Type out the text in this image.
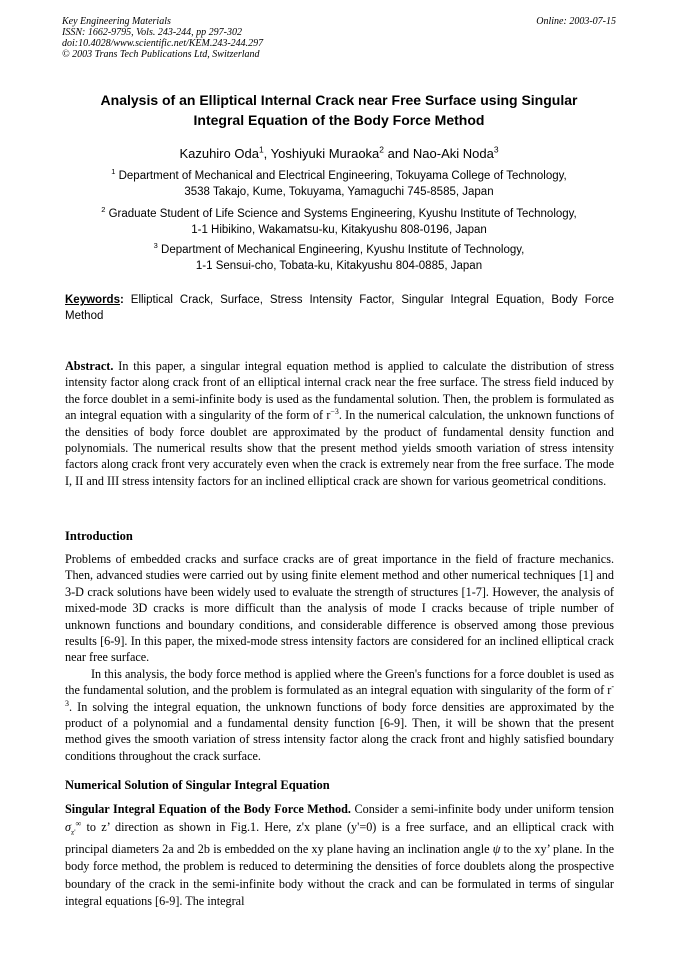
Key Engineering Materials
ISSN: 1662-9795, Vols. 243-244, pp 297-302
doi:10.4028/www.scientific.net/KEM.243-244.297
© 2003 Trans Tech Publications Ltd, Switzerland
Online: 2003-07-15
Analysis of an Elliptical Internal Crack near Free Surface using Singular
Integral Equation of the Body Force Method
Kazuhiro Oda$^1$, Yoshiyuki Muraoka$^2$ and Nao-Aki Noda$^3$
$^1$ Department of Mechanical and Electrical Engineering, Tokuyama College of Technology,
3538 Takajo, Kume, Tokuyama, Yamaguchi 745-8585, Japan
$^2$ Graduate Student of Life Science and Systems Engineering, Kyushu Institute of Technology,
1-1 Hibikino, Wakamatsu-ku, Kitakyushu 808-0196, Japan
$^3$ Department of Mechanical Engineering, Kyushu Institute of Technology,
1-1 Sensui-cho, Tobata-ku, Kitakyushu 804-0885, Japan
Keywords: Elliptical Crack, Surface, Stress Intensity Factor, Singular Integral Equation, Body Force Method

Abstract. In this paper, a singular integral equation method is applied to calculate the distribution of stress intensity factor along crack front of an elliptical internal crack near the free surface. The stress field induced by the force doublet in a semi-infinite body is used as the fundamental solution. Then, the problem is formulated as an integral equation with a singularity of the form of $r^{-3}$. In the numerical calculation, the unknown functions of the densities of body force doublet are approximated by the product of fundamental density function and polynomials. The numerical results show that the present method yields smooth variation of stress intensity factors along crack front very accurately even when the crack is extremely near from the free surface. The mode I, II and III stress intensity factors for an inclined elliptical crack are shown for various geometrical conditions.

Introduction

Problems of embedded cracks and surface cracks are of great importance in the field of fracture mechanics. Then, advanced studies were carried out by using finite element method and other numerical techniques [1] and 3-D crack solutions have been widely used to evaluate the strength of structures [1-7]. However, the analysis of mixed-mode 3D cracks is more difficult than the analysis of mode I cracks because of triple number of unknown functions and boundary conditions, and considerable difference is observed among those previous results [6-9]. In this paper, the mixed-mode stress intensity factors are considered for an inclined elliptical crack near free surface.

In this analysis, the body force method is applied where the Green's functions for a force doublet is used as the fundamental solution, and the problem is formulated as an integral equation with singularity of the form of $r^{-3}$. In solving the integral equation, the unknown functions of body force densities are approximated by the product of a polynomial and a fundamental density function [6-9]. Then, it will be shown that the present method gives the smooth variation of stress intensity factor along the crack front and highly satisfied boundary conditions throughout the crack surface.

Numerical Solution of Singular Integral Equation

Singular Integral Equation of the Body Force Method. Consider a semi-infinite body under uniform tension $\sigma_{z'}^\infty$ to z’ direction as shown in Fig.1. Here, z'x plane (y'=0) is a free surface, and an elliptical crack with principal diameters 2a and 2b is embedded on the xy plane having an inclination angle ψ to the xy’ plane. In the body force method, the problem is reduced to determining the densities of force doublets along the prospective boundary of the crack in the semi-infinite body without the crack and can be formulated in terms of singular integral equations [6-9]. The integral
